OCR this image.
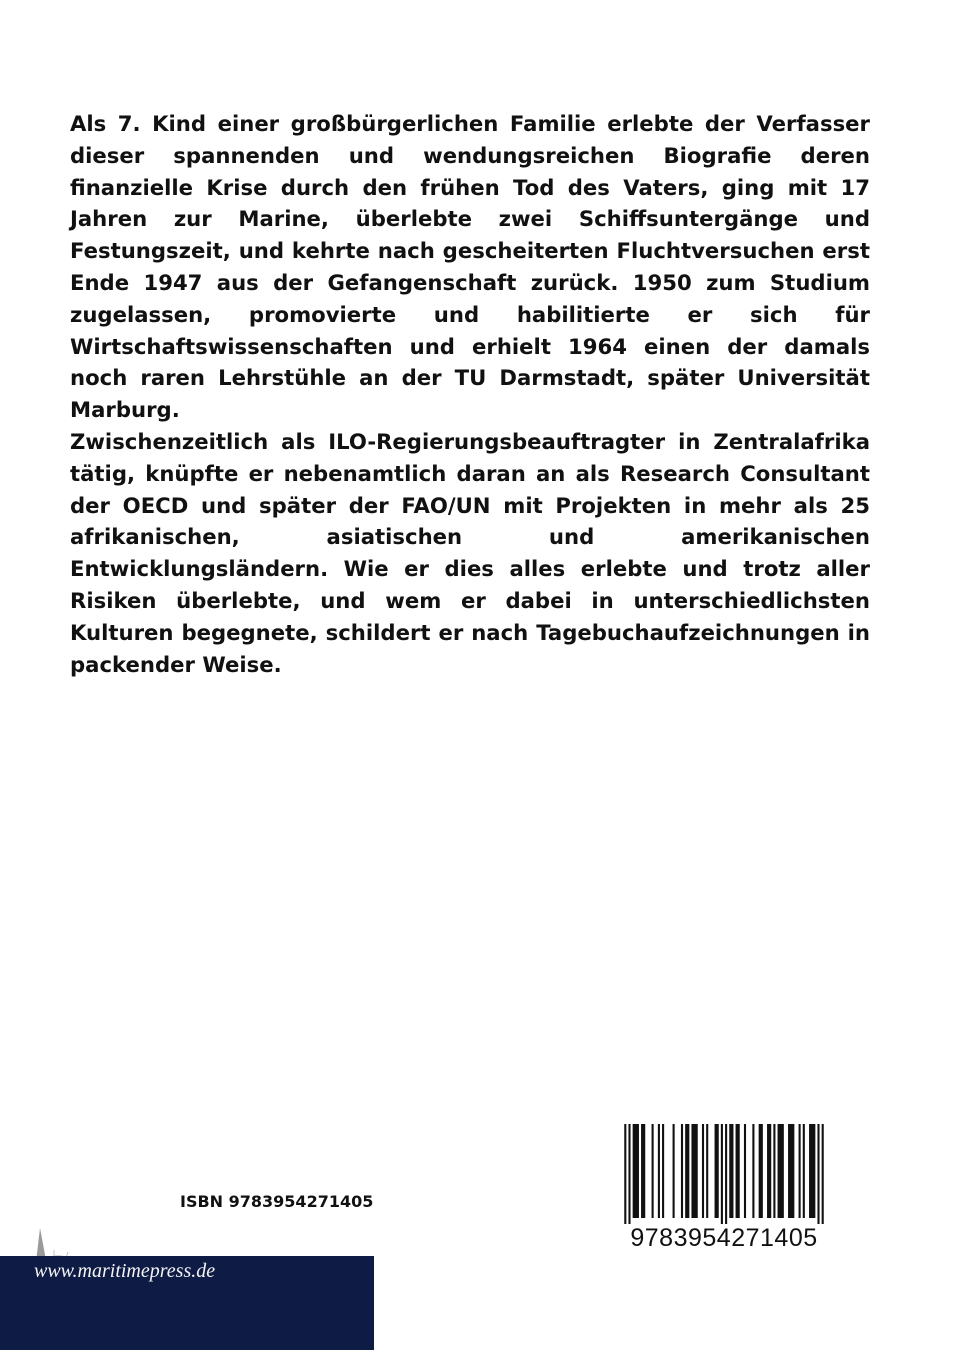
Als 7. Kind einer großbürgerlichen Familie erlebte der Verfasser dieser spannenden und wendungsreichen Biografie deren finanzielle Krise durch den frühen Tod des Vaters, ging mit 17 Jahren zur Marine, überlebte zwei Schiffsuntergänge und Festungszeit, und kehrte nach gescheiterten Fluchtversuchen erst Ende 1947 aus der Gefangenschaft zurück. 1950 zum Studium zugelassen, promovierte und habilitierte er sich für Wirtschaftswissenschaften und erhielt 1964 einen der damals noch raren Lehrstühle an der TU Darmstadt, später Universität Marburg.

Zwischenzeitlich als ILO-Regierungsbeauftragter in Zentralafrika tätig, knüpfte er nebenamtlich daran an als Research Consultant der OECD und später der FAO/UN mit Projekten in mehr als 25 afrikanischen, asiatischen und amerikanischen Entwicklungsländern. Wie er dies alles erlebte und trotz aller Risiken überlebte, und wem er dabei in unterschiedlichsten Kulturen begegnete, schildert er nach Tagebuchaufzeichnungen in packender Weise.

ISBN 9783954271405
9783954271405
www.maritimepress.de
